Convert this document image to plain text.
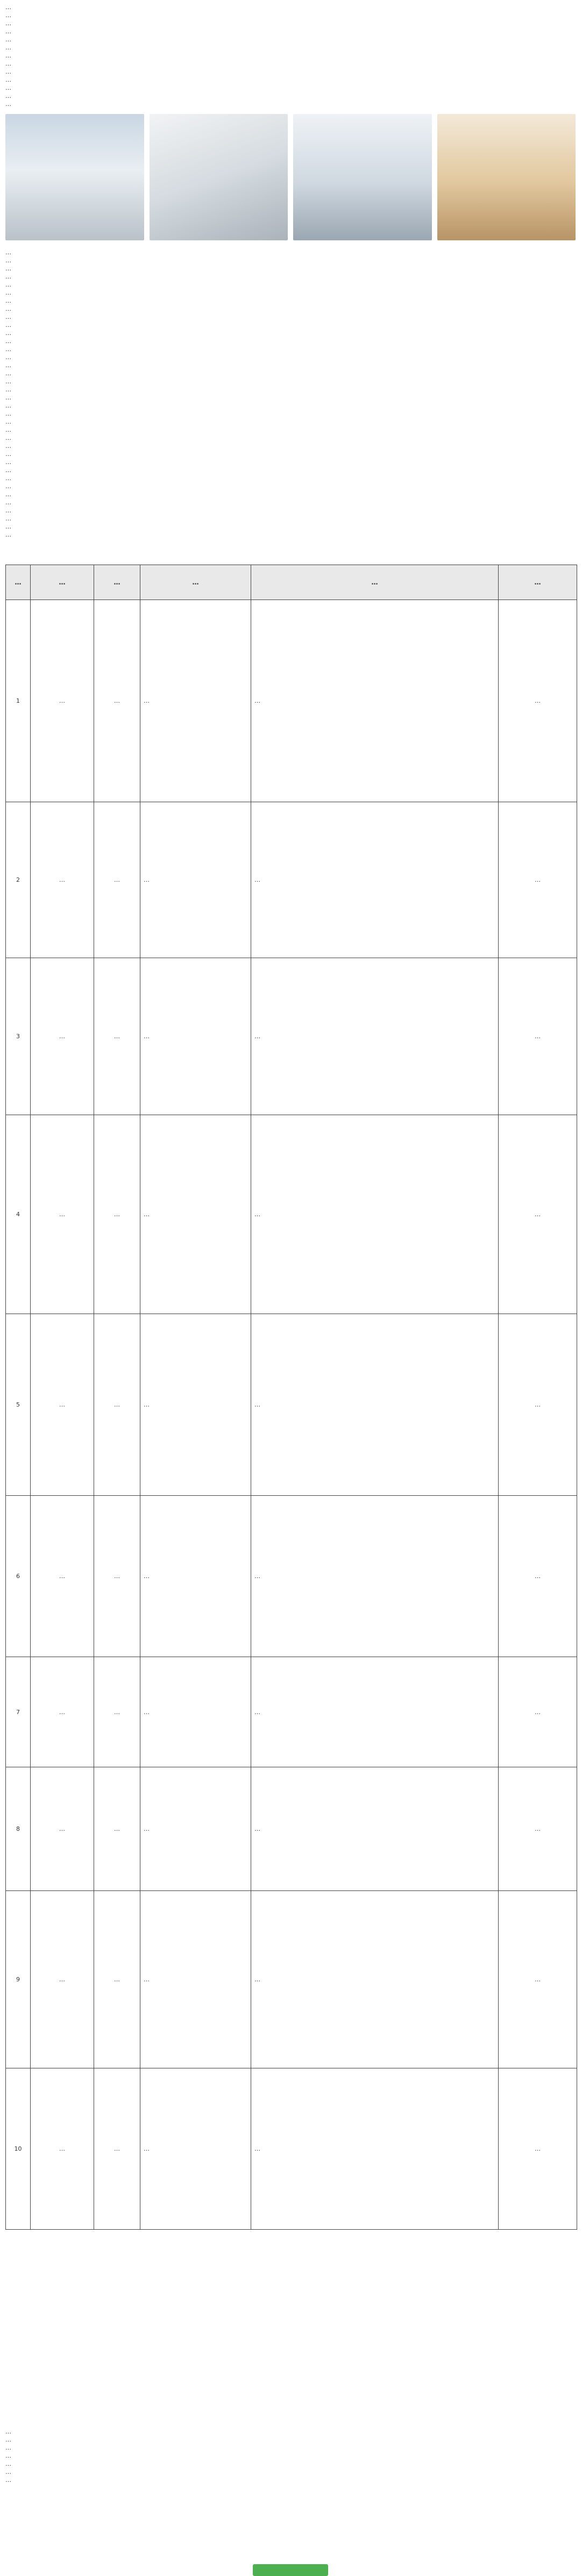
…

…

…

…

…

…

…

…

…

…

…

…

…

…

…

…

…

…

…

…

…

…

…

…

…

…

…

…

…

…

…

…

…

…

…

…

…

…

…

…

…

…

…

…

…

…

…

…

…

…	…	…	…	…	…
1	…	…	…	…	…
2	…	…	…	…	…
3	…	…	…	…	…
4	…	…	…	…	…
5	…	…	…	…	…
6	…	…	…	…	…
7	…	…	…	…	…
8	…	…	…	…	…
9	…	…	…	…	…
10	…	…	…	…	…

…

…

…

…

…

…

…
